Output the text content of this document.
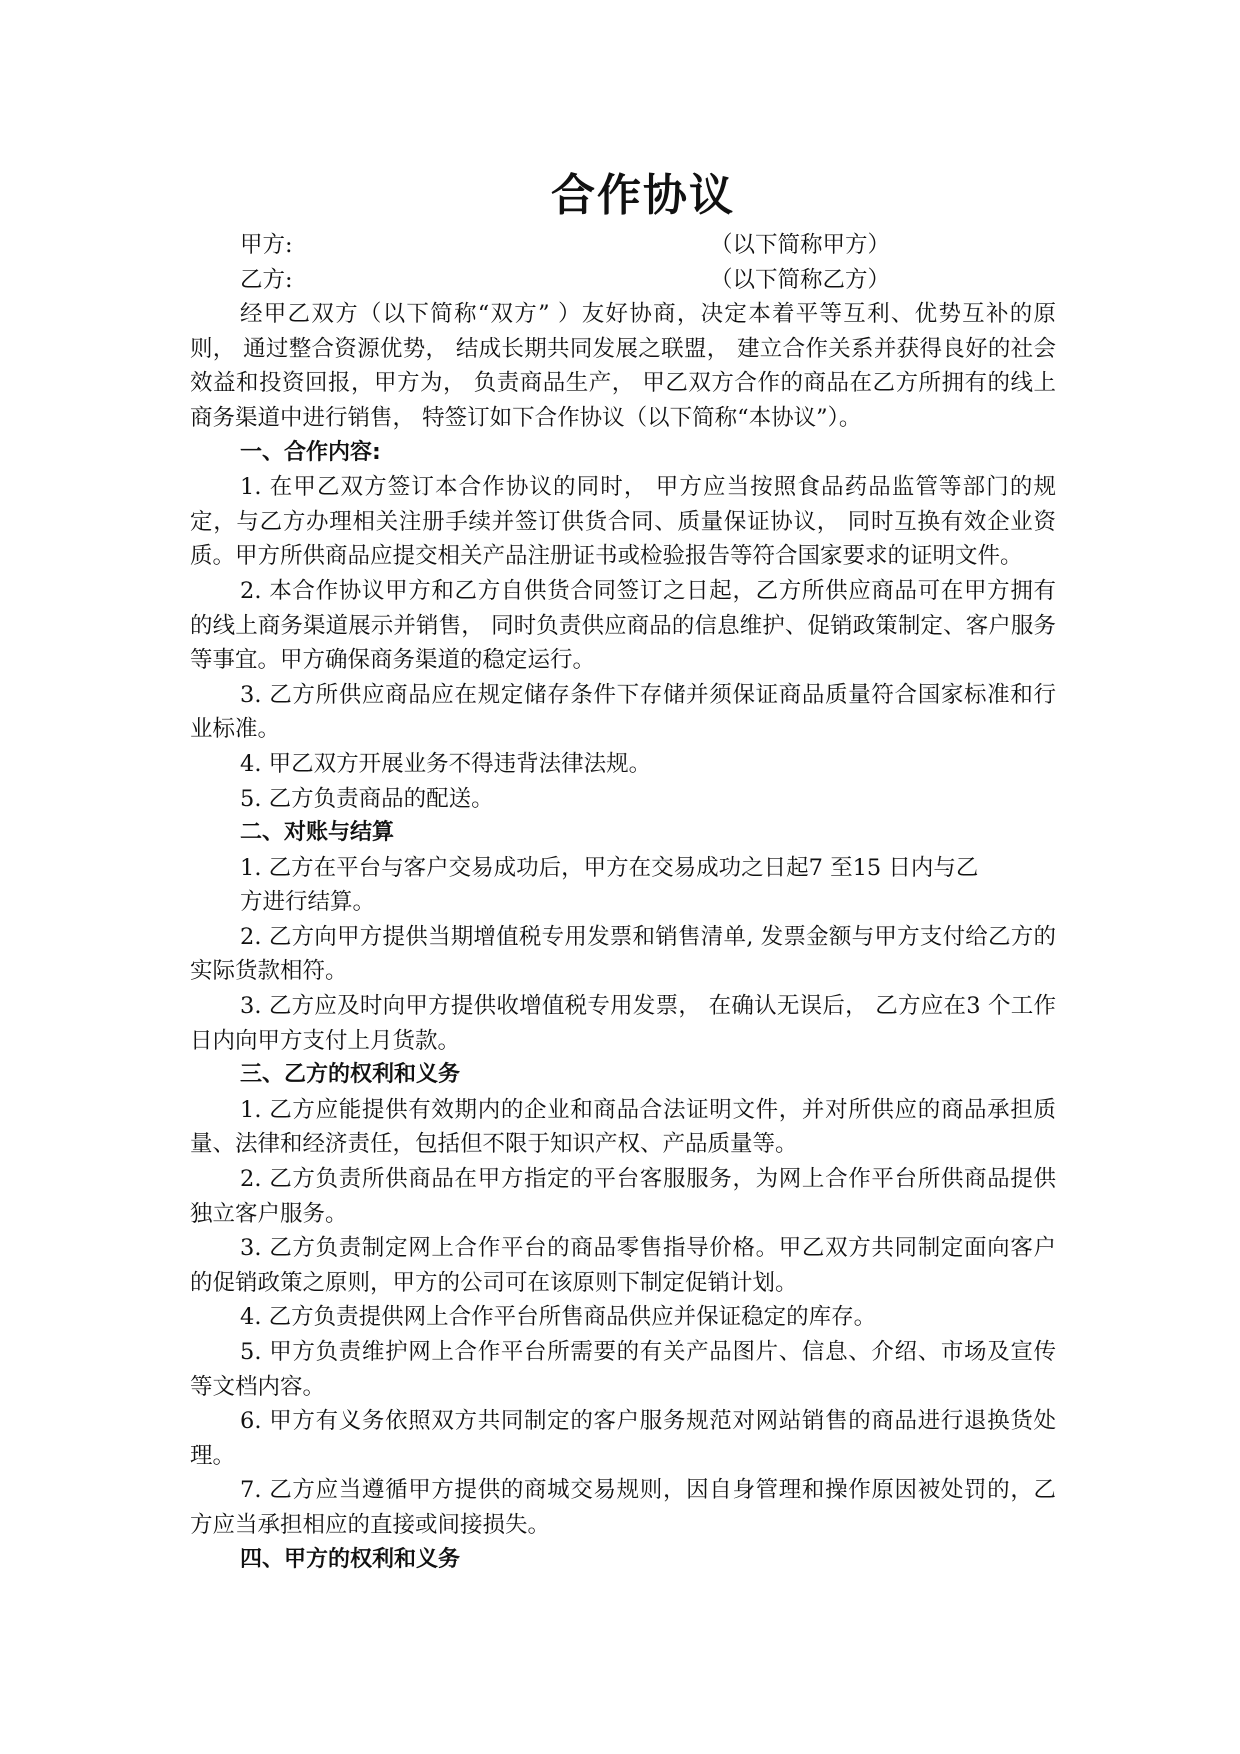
合作协议
甲方:	（以下简称甲方）
乙方:	（以下简称乙方）

经甲乙双方（以下简称“双方” ）友好协商，决定本着平等互利、优势互补的原则， 通过整合资源优势， 结成长期共同发展之联盟， 建立合作关系并获得良好的社会效益和投资回报，甲方为， 负责商品生产， 甲乙双方合作的商品在乙方所拥有的线上商务渠道中进行销售， 特签订如下合作协议（以下简称“本协议”）。

一、合作内容:

1. 在甲乙双方签订本合作协议的同时， 甲方应当按照食品药品监管等部门的规定，与乙方办理相关注册手续并签订供货合同、质量保证协议， 同时互换有效企业资质。甲方所供商品应提交相关产品注册证书或检验报告等符合国家要求的证明文件。

2. 本合作协议甲方和乙方自供货合同签订之日起，乙方所供应商品可在甲方拥有的线上商务渠道展示并销售， 同时负责供应商品的信息维护、促销政策制定、客户服务等事宜。甲方确保商务渠道的稳定运行。

3. 乙方所供应商品应在规定储存条件下存储并须保证商品质量符合国家标准和行业标准。

4. 甲乙双方开展业务不得违背法律法规。

5. 乙方负责商品的配送。

二、对账与结算

1. 乙方在平台与客户交易成功后，甲方在交易成功之日起7 至15 日内与乙

方进行结算。

2. 乙方向甲方提供当期增值税专用发票和销售清单, 发票金额与甲方支付给乙方的实际货款相符。

3. 乙方应及时向甲方提供收增值税专用发票， 在确认无误后， 乙方应在3 个工作日内向甲方支付上月货款。

三、乙方的权利和义务

1. 乙方应能提供有效期内的企业和商品合法证明文件，并对所供应的商品承担质量、法律和经济责任，包括但不限于知识产权、产品质量等。

2. 乙方负责所供商品在甲方指定的平台客服服务，为网上合作平台所供商品提供独立客户服务。

3. 乙方负责制定网上合作平台的商品零售指导价格。甲乙双方共同制定面向客户的促销政策之原则，甲方的公司可在该原则下制定促销计划。

4. 乙方负责提供网上合作平台所售商品供应并保证稳定的库存。

5. 甲方负责维护网上合作平台所需要的有关产品图片、信息、介绍、市场及宣传等文档内容。

6. 甲方有义务依照双方共同制定的客户服务规范对网站销售的商品进行退换货处理。

7. 乙方应当遵循甲方提供的商城交易规则，因自身管理和操作原因被处罚的，乙方应当承担相应的直接或间接损失。

四、甲方的权利和义务
